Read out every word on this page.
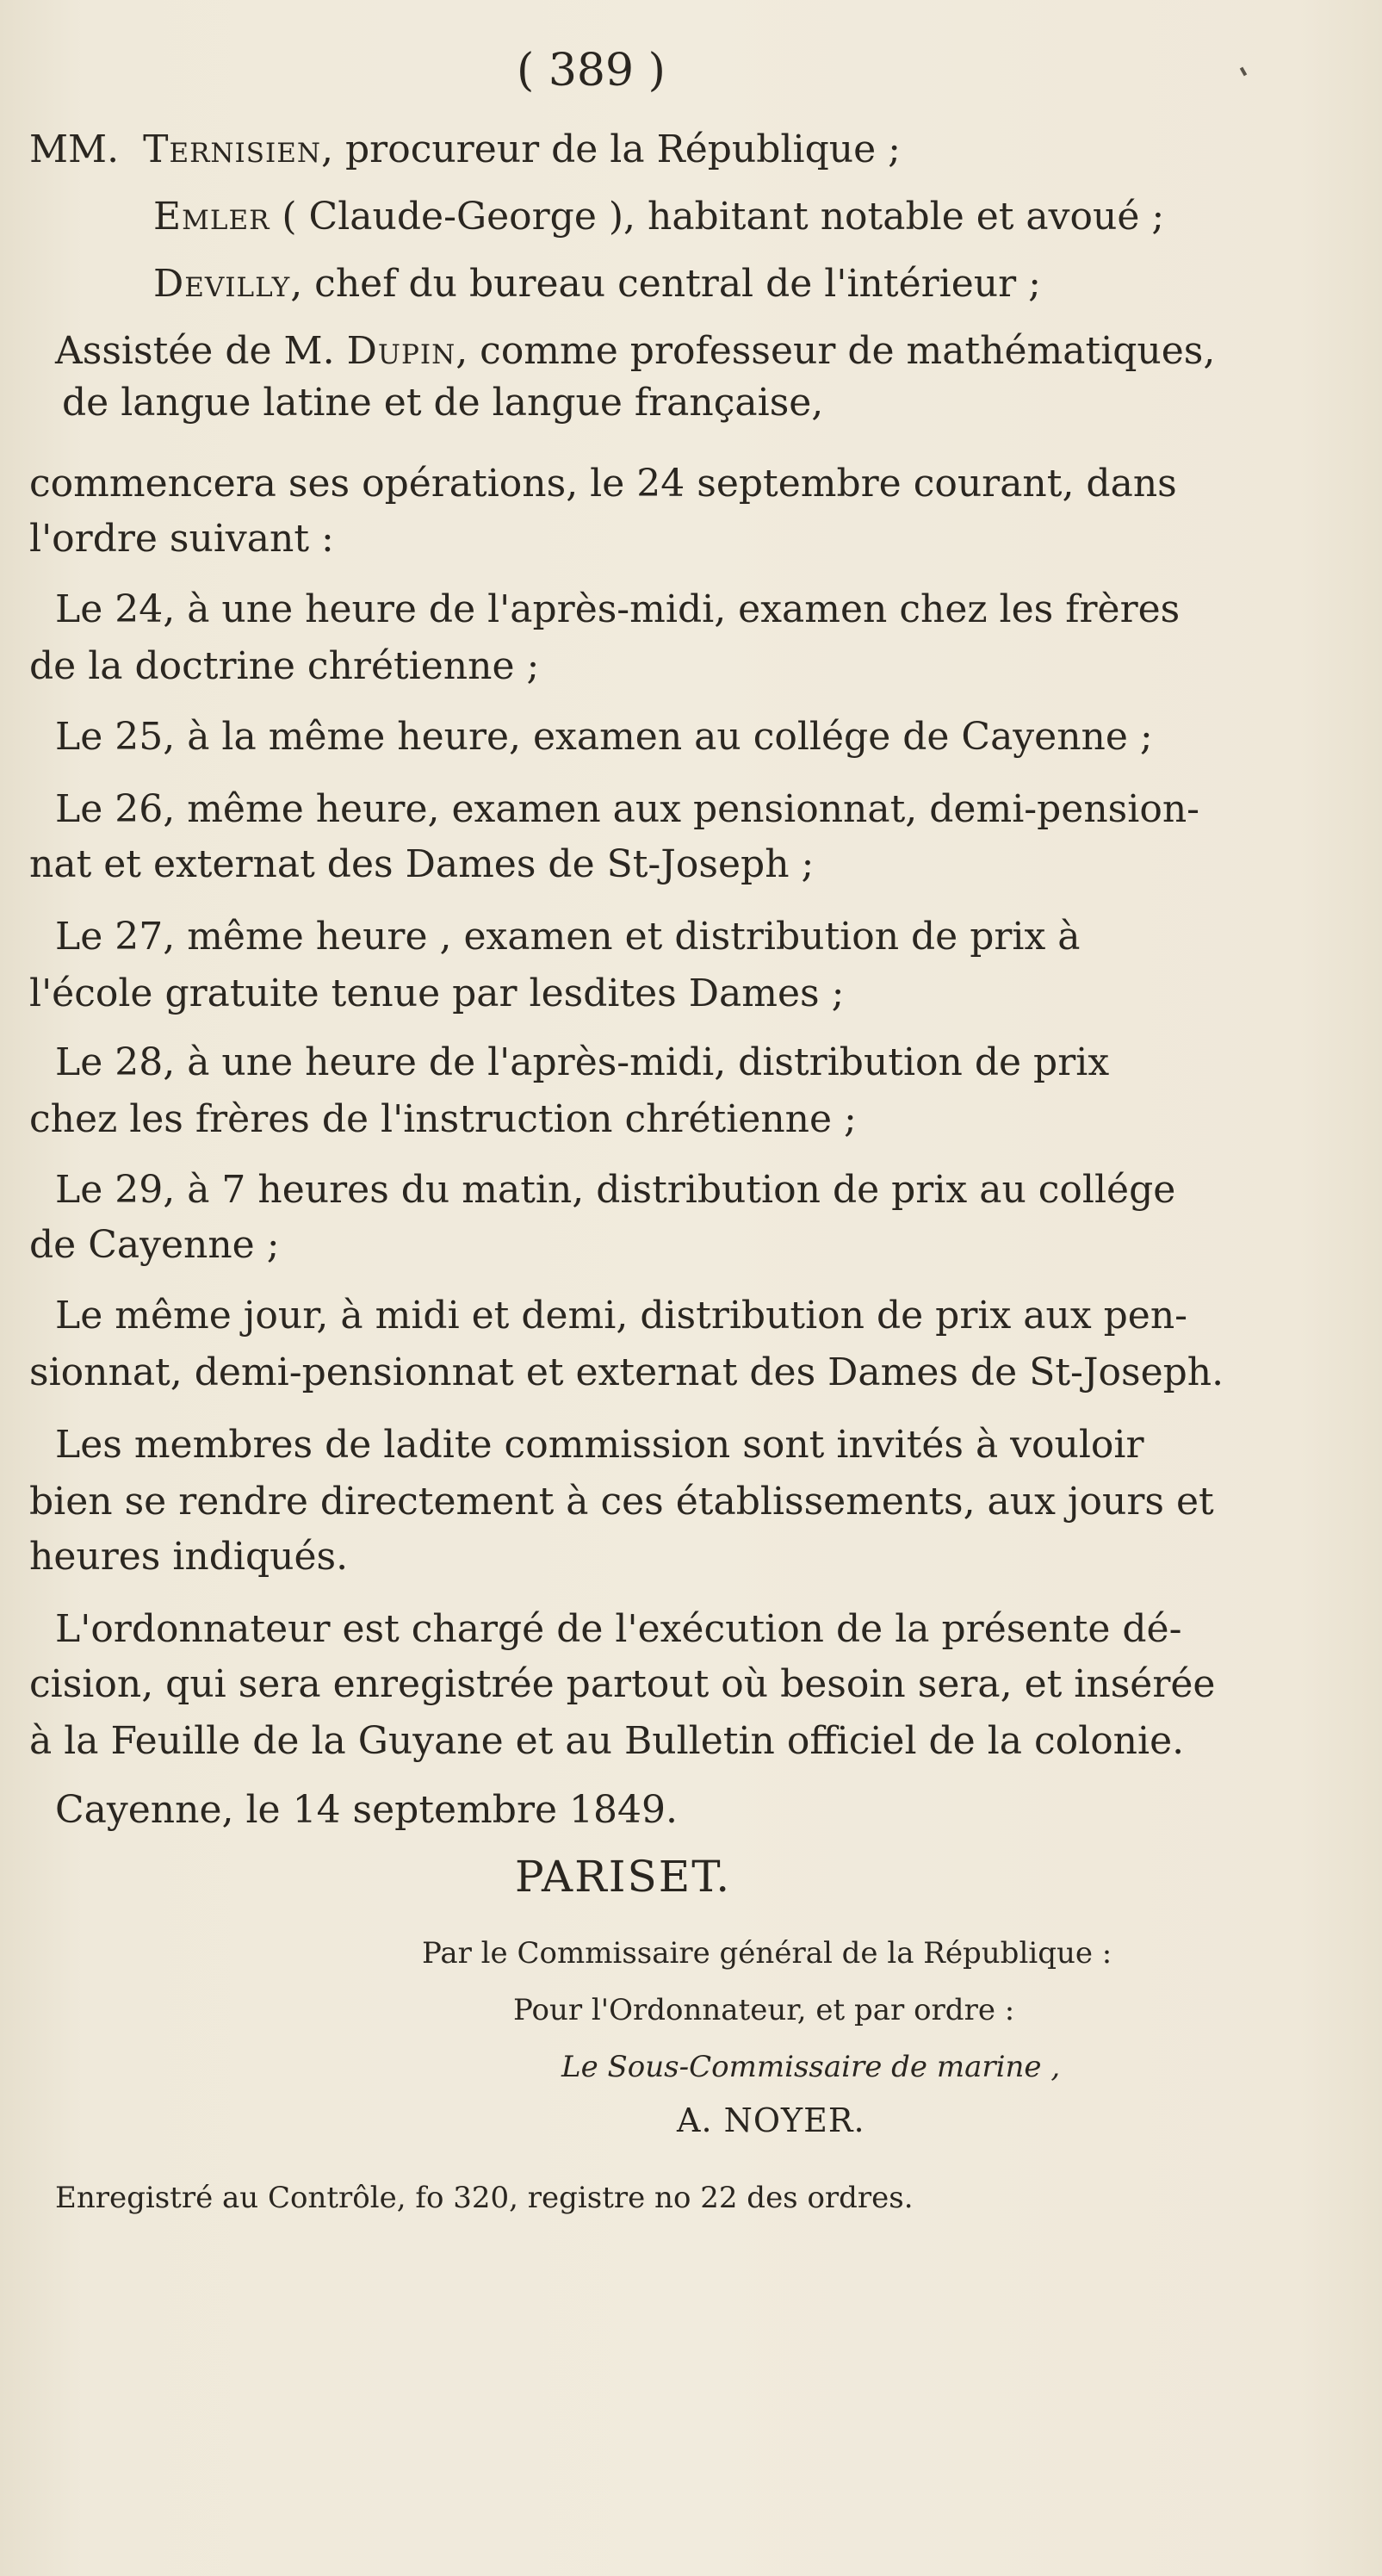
( 389 )
MM. Ternisien, procureur de la République ;
Emler ( Claude-George ), habitant notable et avoué ;
Devilly, chef du bureau central de l'intérieur ;
Assistée de M. Dupin, comme professeur de mathématiques,
de langue latine et de langue française,
commencera ses opérations, le 24 septembre courant, dans
l'ordre suivant :
Le 24, à une heure de l'après-midi, examen chez les frères
de la doctrine chrétienne ;
Le 25, à la même heure, examen au collége de Cayenne ;
Le 26, même heure, examen aux pensionnat, demi-pension-
nat et externat des Dames de St-Joseph ;
Le 27, même heure , examen et distribution de prix à
l'école gratuite tenue par lesdites Dames ;
Le 28, à une heure de l'après-midi, distribution de prix
chez les frères de l'instruction chrétienne ;
Le 29, à 7 heures du matin, distribution de prix au collége
de Cayenne ;
Le même jour, à midi et demi, distribution de prix aux pen-
sionnat, demi-pensionnat et externat des Dames de St-Joseph.
Les membres de ladite commission sont invités à vouloir
bien se rendre directement à ces établissements, aux jours et
heures indiqués.
L'ordonnateur est chargé de l'exécution de la présente dé-
cision, qui sera enregistrée partout où besoin sera, et insérée
à la Feuille de la Guyane et au Bulletin officiel de la colonie.
Cayenne, le 14 septembre 1849.
PARISET.
Par le Commissaire général de la République :
Pour l'Ordonnateur, et par ordre :
Le Sous-Commissaire de marine ,
A. NOYER.
Enregistré au Contrôle, fo 320, registre no 22 des ordres.
